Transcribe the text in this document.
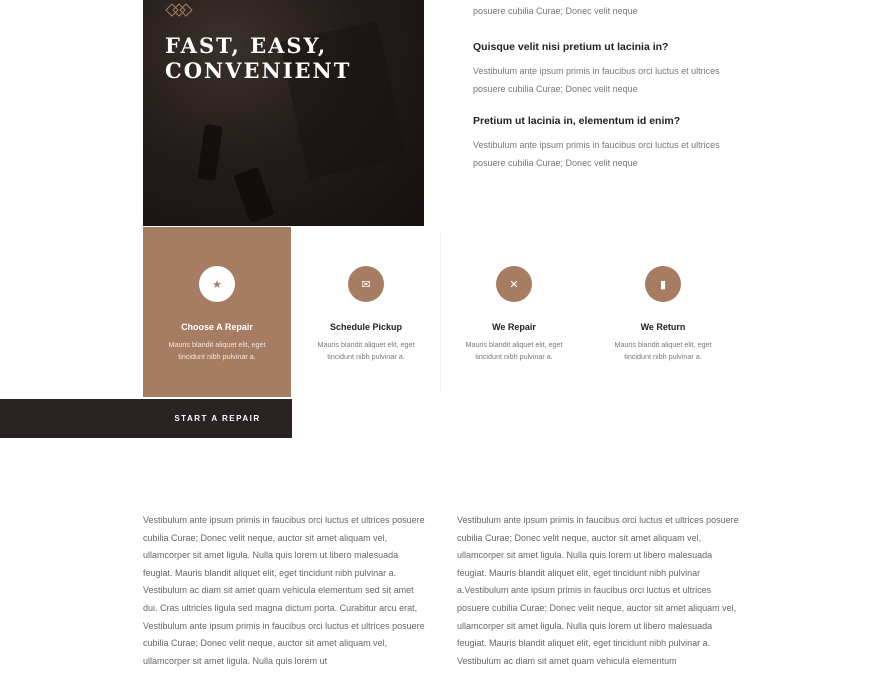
FAST, EASY,
CONVENIENT

posuere cubilia Curae; Donec velit neque

Quisque velit nisi pretium ut lacinia in?

Vestibulum ante ipsum primis in faucibus orci luctus et ultrices posuere cubilia Curae; Donec velit neque

Pretium ut lacinia in, elementum id enim?

Vestibulum ante ipsum primis in faucibus orci luctus et ultrices posuere cubilia Curae; Donec velit neque

★

Choose A Repair

Mauris blandit aliquet elit, eget tincidunt nibh pulvinar a.

✉

Schedule Pickup

Mauris blandit aliquet elit, eget tincidunt nibh pulvinar a.

✕

We Repair

Mauris blandit aliquet elit, eget tincidunt nibh pulvinar a.

▮

We Return

Mauris blandit aliquet elit, eget tincidunt nibh pulvinar a.

START A REPAIR

Vestibulum ante ipsum primis in faucibus orci luctus et ultrices posuere cubilia Curae; Donec velit neque, auctor sit amet aliquam vel, ullamcorper sit amet ligula. Nulla quis lorem ut libero malesuada feugiat. Mauris blandit aliquet elit, eget tincidunt nibh pulvinar a. Vestibulum ac diam sit amet quam vehicula elementum sed sit amet dui. Cras ultricies ligula sed magna dictum porta. Curabitur arcu erat, Vestibulum ante ipsum primis in faucibus orci luctus et ultrices posuere cubilia Curae; Donec velit neque, auctor sit amet aliquam vel, ullamcorper sit amet ligula. Nulla quis lorem ut

Vestibulum ante ipsum primis in faucibus orci luctus et ultrices posuere cubilia Curae; Donec velit neque, auctor sit amet aliquam vel, ullamcorper sit amet ligula. Nulla quis lorem ut libero malesuada feugiat. Mauris blandit aliquet elit, eget tincidunt nibh pulvinar a.Vestibulum ante ipsum primis in faucibus orci luctus et ultrices posuere cubilia Curae; Donec velit neque, auctor sit amet aliquam vel, ullamcorper sit amet ligula. Nulla quis lorem ut libero malesuada feugiat. Mauris blandit aliquet elit, eget tincidunt nibh pulvinar a. Vestibulum ac diam sit amet quam vehicula elementum
